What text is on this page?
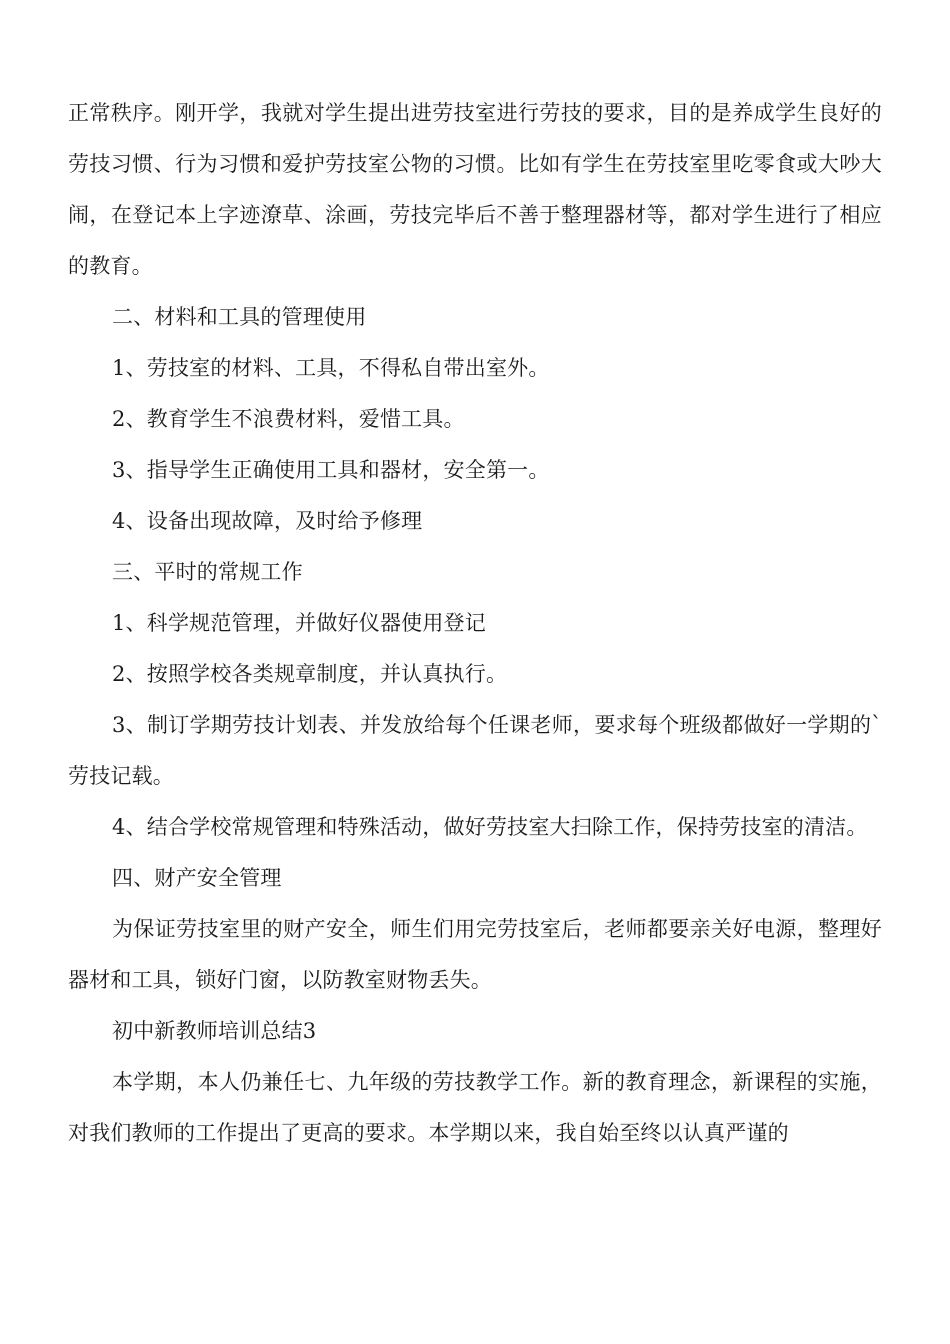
正常秩序。刚开学，我就对学生提出进劳技室进行劳技的要求，目的是养成学生良好的劳技习惯、行为习惯和爱护劳技室公物的习惯。比如有学生在劳技室里吃零食或大吵大闹，在登记本上字迹潦草、涂画，劳技完毕后不善于整理器材等，都对学生进行了相应的教育。

二、材料和工具的管理使用

1、劳技室的材料、工具，不得私自带出室外。

2、教育学生不浪费材料，爱惜工具。

3、指导学生正确使用工具和器材，安全第一。

4、设备出现故障，及时给予修理

三、平时的常规工作

1、科学规范管理，并做好仪器使用登记

2、按照学校各类规章制度，并认真执行。

3、制订学期劳技计划表、并发放给每个任课老师，要求每个班级都做好一学期的`劳技记载。

4、结合学校常规管理和特殊活动，做好劳技室大扫除工作，保持劳技室的清洁。

四、财产安全管理

为保证劳技室里的财产安全，师生们用完劳技室后，老师都要亲关好电源，整理好器材和工具，锁好门窗，以防教室财物丢失。

初中新教师培训总结3

本学期，本人仍兼任七、九年级的劳技教学工作。新的教育理念，新课程的实施，对我们教师的工作提出了更高的要求。本学期以来，我自始至终以认真严谨的
